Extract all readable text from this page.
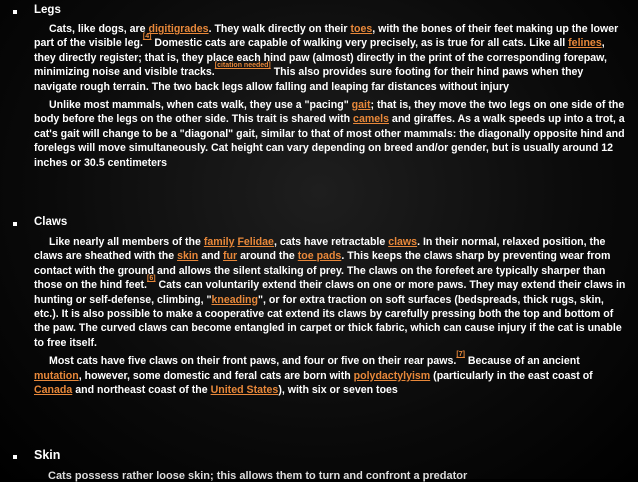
Legs

Cats, like dogs, are digitigrades. They walk directly on their toes, with the bones of their feet making up the lower part of the visible leg.[4] Domestic cats are capable of walking very precisely, as is true for all cats. Like all felines, they directly register; that is, they place each hind paw (almost) directly in the print of the corresponding forepaw, minimizing noise and visible tracks.[citation needed] This also provides sure footing for their hind paws when they navigate rough terrain. The two back legs allow falling and leaping far distances without injury

Unlike most mammals, when cats walk, they use a "pacing" gait; that is, they move the two legs on one side of the body before the legs on the other side. This trait is shared with camels and giraffes. As a walk speeds up into a trot, a cat's gait will change to be a "diagonal" gait, similar to that of most other mammals: the diagonally opposite hind and forelegs will move simultaneously. Cat height can vary depending on breed and/or gender, but is usually around 12 inches or 30.5 centimeters

Claws

Like nearly all members of the family Felidae, cats have retractable claws. In their normal, relaxed position, the claws are sheathed with the skin and fur around the toe pads. This keeps the claws sharp by preventing wear from contact with the ground and allows the silent stalking of prey. The claws on the forefeet are typically sharper than those on the hind feet.[6] Cats can voluntarily extend their claws on one or more paws. They may extend their claws in hunting or self-defense, climbing, "kneading", or for extra traction on soft surfaces (bedspreads, thick rugs, skin, etc.). It is also possible to make a cooperative cat extend its claws by carefully pressing both the top and bottom of the paw. The curved claws can become entangled in carpet or thick fabric, which can cause injury if the cat is unable to free itself.

Most cats have five claws on their front paws, and four or five on their rear paws.[7] Because of an ancient mutation, however, some domestic and feral cats are born with polydactylyism (particularly in the east coast of Canada and northeast coast of the United States), with six or seven toes

Skin
Cats possess rather loose skin; this allows them to turn and confront a predator
